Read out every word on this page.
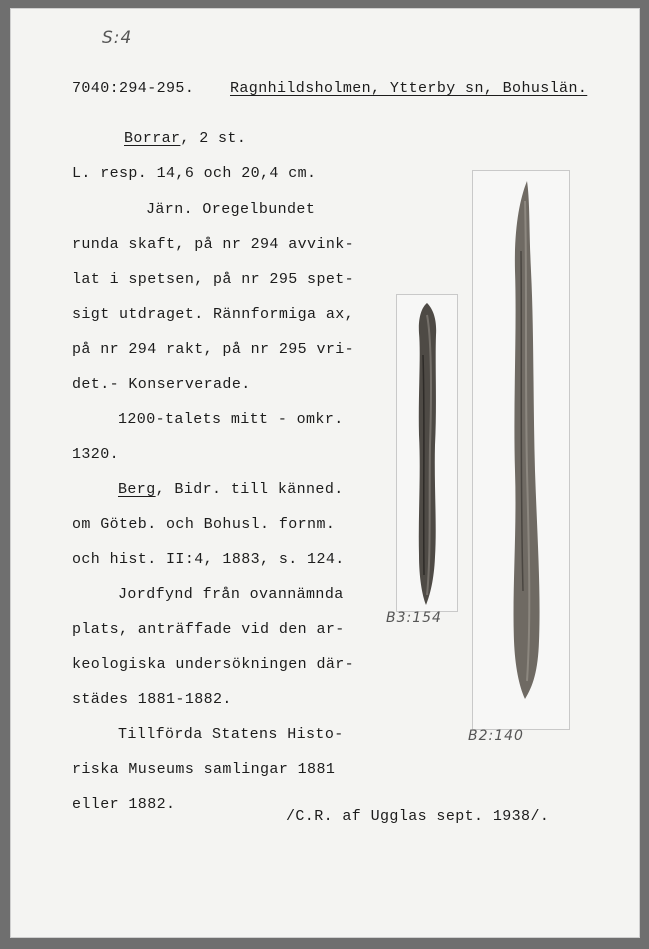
S:4
7040:294-295. Ragnhildsholmen, Ytterby sn, Bohuslän.
Borrar, 2 st.
L. resp. 14,6 och 20,4 cm.
Järn. Oregelbundet
runda skaft, på nr 294 avvink-
lat i spetsen, på nr 295 spet-
sigt utdraget. Rännformiga ax,
på nr 294 rakt, på nr 295 vri-
det.- Konserverade.
1200-talets mitt - omkr.
1320.
Berg, Bidr. till känned.
om Göteb. och Bohusl. fornm.
och hist. II:4, 1883, s. 124.
Jordfynd från ovannämnda
plats, anträffade vid den ar-
keologiska undersökningen där-
städes 1881-1882.
Tillförda Statens Histo-
riska Museums samlingar 1881
eller 1882.
/C.R. af Ugglas sept. 1938/.
B3:154
B2:140
